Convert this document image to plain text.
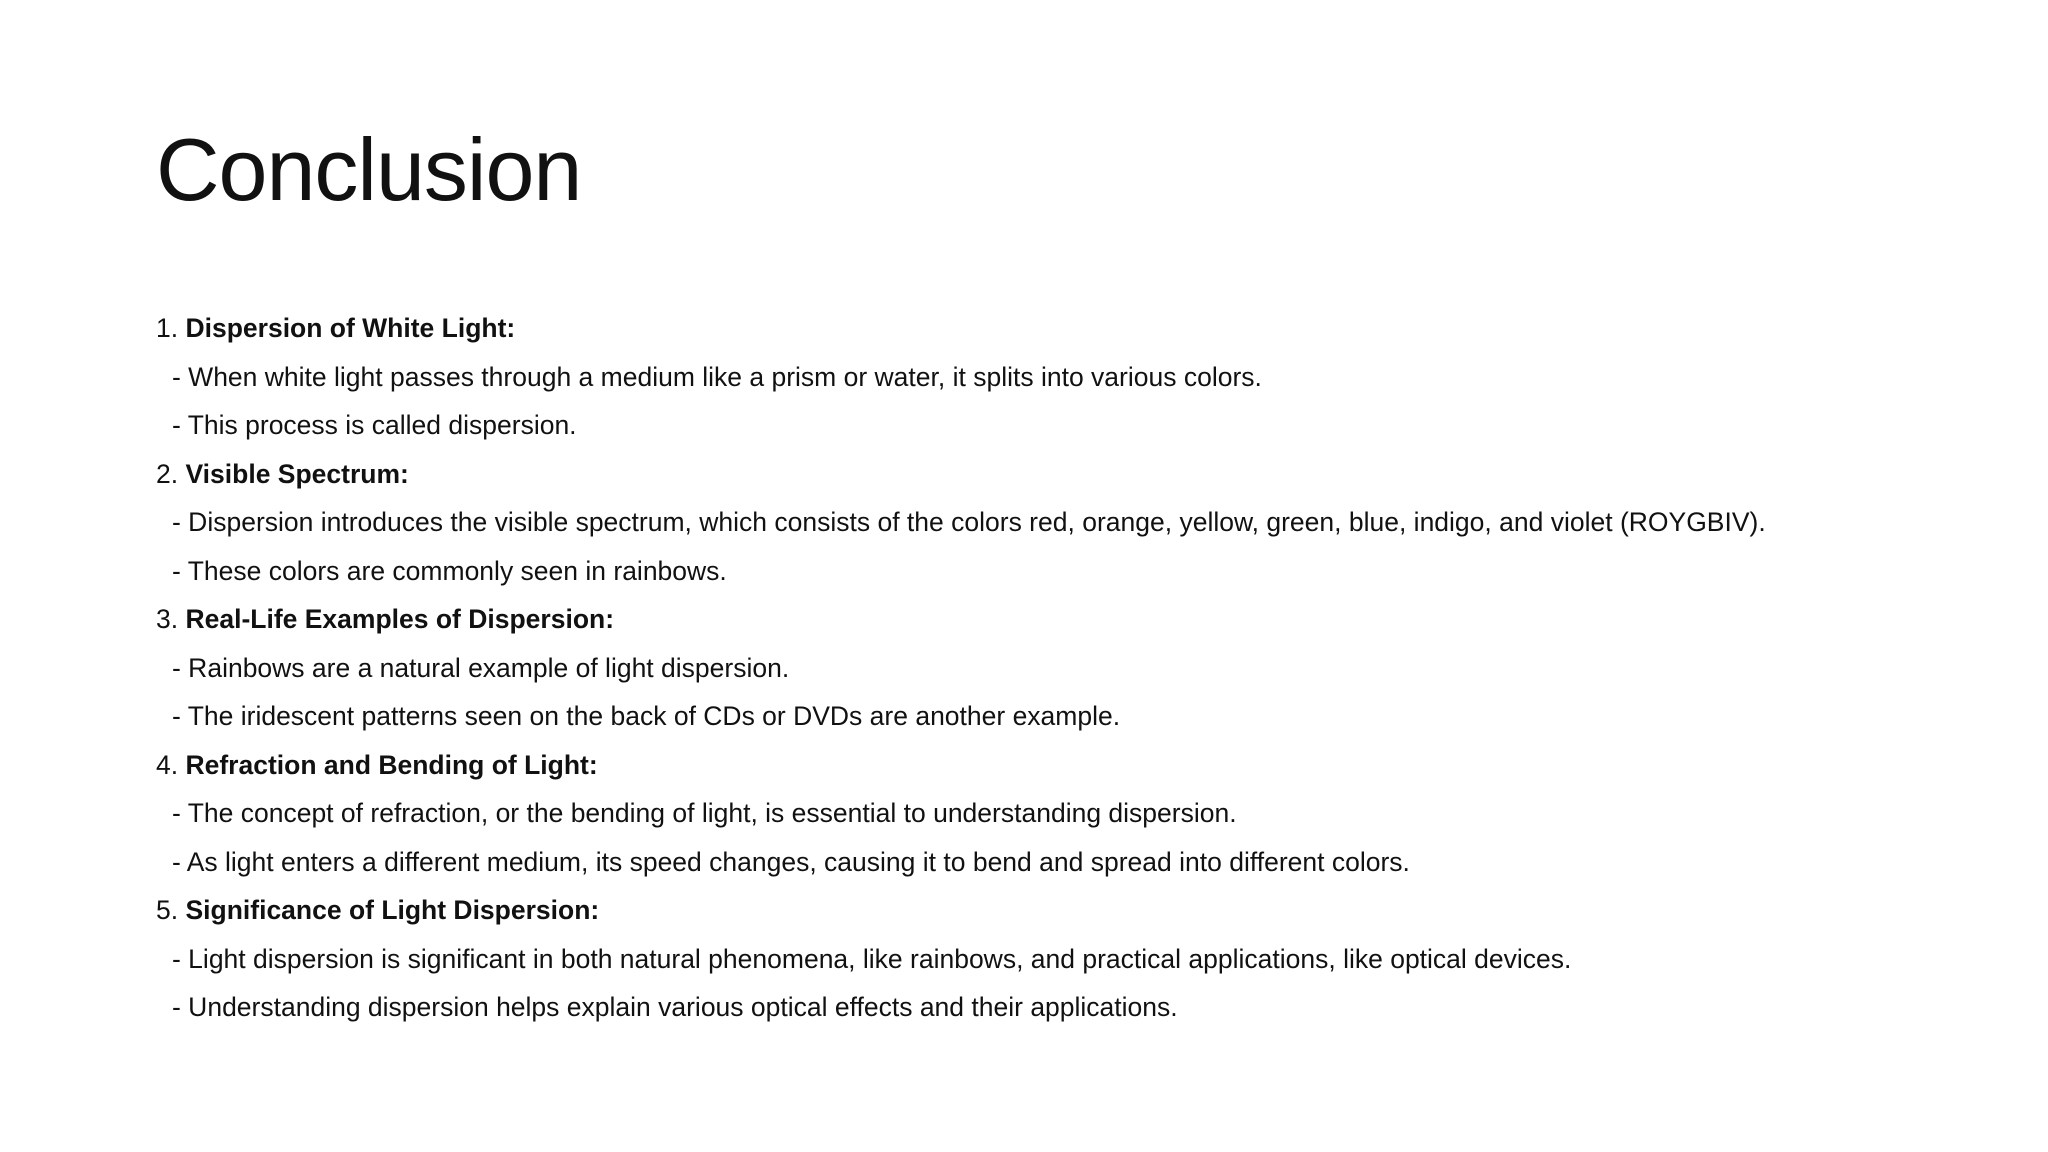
Conclusion
1. Dispersion of White Light:
- When white light passes through a medium like a prism or water, it splits into various colors.
- This process is called dispersion.
2. Visible Spectrum:
- Dispersion introduces the visible spectrum, which consists of the colors red, orange, yellow, green, blue, indigo, and violet (ROYGBIV).
- These colors are commonly seen in rainbows.
3. Real-Life Examples of Dispersion:
- Rainbows are a natural example of light dispersion.
- The iridescent patterns seen on the back of CDs or DVDs are another example.
4. Refraction and Bending of Light:
- The concept of refraction, or the bending of light, is essential to understanding dispersion.
- As light enters a different medium, its speed changes, causing it to bend and spread into different colors.
5. Significance of Light Dispersion:
- Light dispersion is significant in both natural phenomena, like rainbows, and practical applications, like optical devices.
- Understanding dispersion helps explain various optical effects and their applications.
